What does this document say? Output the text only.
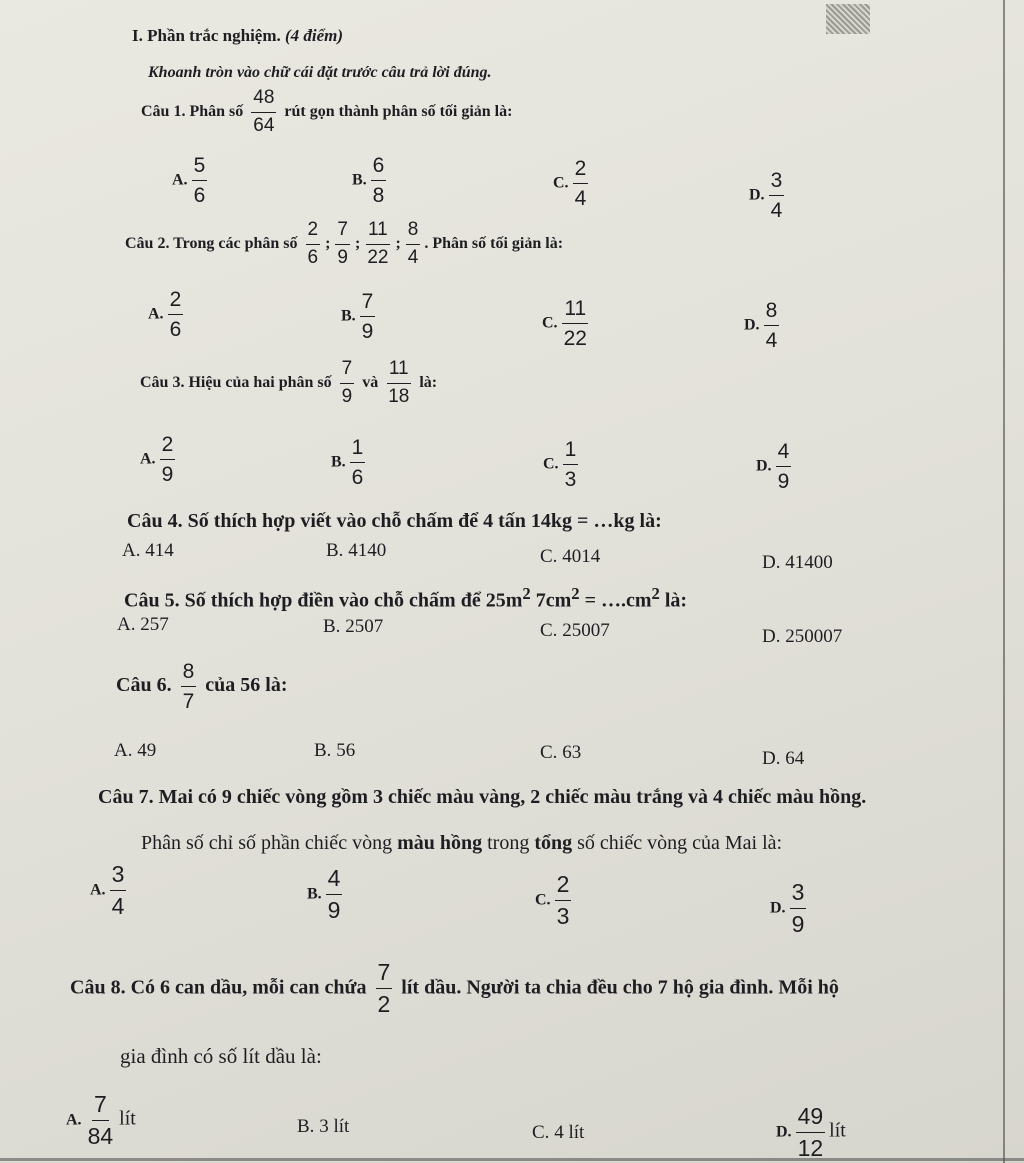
I. Phần trắc nghiệm. (4 điểm)
Khoanh tròn vào chữ cái đặt trước câu trả lời đúng.
Câu 1. Phân số $\frac{48}{64}$ rút gọn thành phân số tối giản là:
A. $\frac{5}{6}$	B. $\frac{6}{8}$	C. $\frac{2}{4}$	D. $\frac{3}{4}$
Câu 2. Trong các phân số $\frac{2}{6}$ ; $\frac{7}{9}$ ; $\frac{11}{22}$ ; $\frac{8}{4}$ . Phân số tối giản là:
A. $\frac{2}{6}$	B. $\frac{7}{9}$	C. $\frac{11}{22}$	D. $\frac{8}{4}$
Câu 3. Hiệu của hai phân số $\frac{7}{9}$ và $\frac{11}{18}$ là:
A. $\frac{2}{9}$	B. $\frac{1}{6}$	C. $\frac{1}{3}$	D. $\frac{4}{9}$
Câu 4. Số thích hợp viết vào chỗ chấm để 4 tấn 14kg = …kg là:
A. 414	B. 4140	C. 4014	D. 41400
Câu 5. Số thích hợp điền vào chỗ chấm để $25m^2$ $7cm^2$ = $\dots.cm^2$ là:
A. 257	B. 2507	C. 25007	D. 250007
Câu 6. $\frac{8}{7}$ của 56 là:
A. 49	B. 56	C. 63	D. 64
Câu 7. Mai có 9 chiếc vòng gồm 3 chiếc màu vàng, 2 chiếc màu trắng và 4 chiếc màu hồng.
Phân số chỉ số phần chiếc vòng màu hồng trong tổng số chiếc vòng của Mai là:
A. $\frac{3}{4}$	B. $\frac{4}{9}$	C. $\frac{2}{3}$	D. $\frac{3}{9}$
Câu 8. Có 6 can dầu, mỗi can chứa $\frac{7}{2}$ lít dầu. Người ta chia đều cho 7 hộ gia đình. Mỗi hộ
gia đình có số lít dầu là:
A. $\frac{7}{84}$ lít	B. 3 lít	C. 4 lít	D. $\frac{49}{12}$ lít
